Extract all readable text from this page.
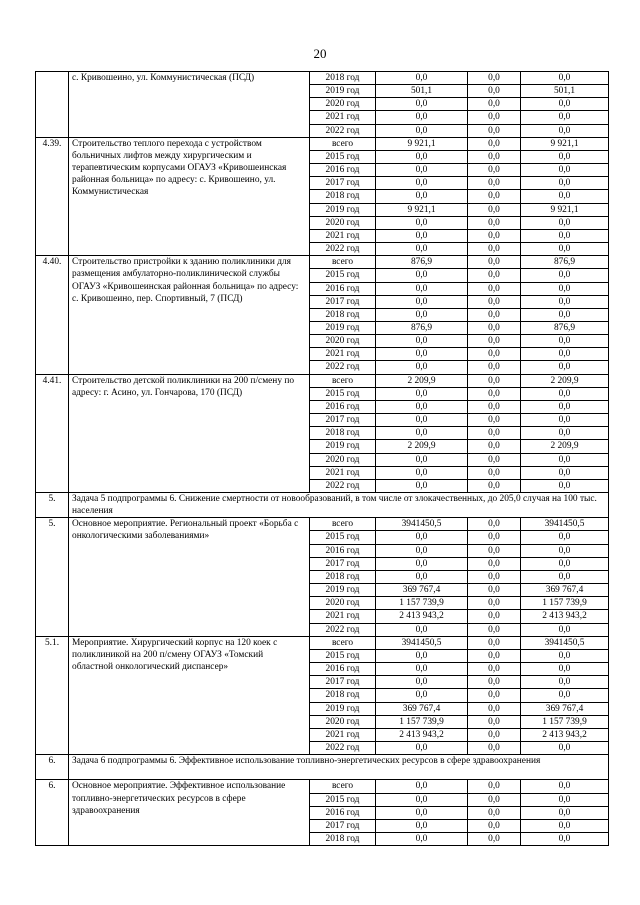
20
	с. Кривошеино, ул. Коммунистическая (ПСД)	2018 год	0,0	0,0	0,0
		2019 год	501,1	0,0	501,1
		2020 год	0,0	0,0	0,0
		2021 год	0,0	0,0	0,0
		2022 год	0,0	0,0	0,0
4.39.	Строительство теплого перехода с устройством больничных лифтов между хирургическим и терапевтическим корпусами ОГАУЗ «Кривошеинская районная больница» по адресу: с. Кривошеино, ул. Коммунистическая	всего	9 921,1	0,0	9 921,1
		2015 год	0,0	0,0	0,0
		2016 год	0,0	0,0	0,0
		2017 год	0,0	0,0	0,0
		2018 год	0,0	0,0	0,0
		2019 год	9 921,1	0,0	9 921,1
		2020 год	0,0	0,0	0,0
		2021 год	0,0	0,0	0,0
		2022 год	0,0	0,0	0,0
4.40.	Строительство пристройки к зданию поликлиники для размещения амбулаторно-поликлинической службы ОГАУЗ «Кривошеинская районная больница» по адресу: с. Кривошеино, пер. Спортивный, 7 (ПСД)	всего	876,9	0,0	876,9
		2015 год	0,0	0,0	0,0
		2016 год	0,0	0,0	0,0
		2017 год	0,0	0,0	0,0
		2018 год	0,0	0,0	0,0
		2019 год	876,9	0,0	876,9
		2020 год	0,0	0,0	0,0
		2021 год	0,0	0,0	0,0
		2022 год	0,0	0,0	0,0
4.41.	Строительство детской поликлиники на 200 п/смену по адресу: г. Асино, ул. Гончарова, 170 (ПСД)	всего	2 209,9	0,0	2 209,9
		2015 год	0,0	0,0	0,0
		2016 год	0,0	0,0	0,0
		2017 год	0,0	0,0	0,0
		2018 год	0,0	0,0	0,0
		2019 год	2 209,9	0,0	2 209,9
		2020 год	0,0	0,0	0,0
		2021 год	0,0	0,0	0,0
		2022 год	0,0	0,0	0,0
5.	Задача 5 подпрограммы 6. Снижение смертности от новообразований, в том числе от злокачественных, до 205,0 случая на 100 тыс. населения				
5.	Основное мероприятие. Региональный проект «Борьба с онкологическими заболеваниями»	всего	3941450,5	0,0	3941450,5
		2015 год	0,0	0,0	0,0
		2016 год	0,0	0,0	0,0
		2017 год	0,0	0,0	0,0
		2018 год	0,0	0,0	0,0
		2019 год	369 767,4	0,0	369 767,4
		2020 год	1 157 739,9	0,0	1 157 739,9
		2021 год	2 413 943,2	0,0	2 413 943,2
		2022 год	0,0	0,0	0,0
5.1.	Мероприятие. Хирургический корпус на 120 коек с поликлиникой на 200 п/смену ОГАУЗ «Томский областной онкологический диспансер»	всего	3941450,5	0,0	3941450,5
		2015 год	0,0	0,0	0,0
		2016 год	0,0	0,0	0,0
		2017 год	0,0	0,0	0,0
		2018 год	0,0	0,0	0,0
		2019 год	369 767,4	0,0	369 767,4
		2020 год	1 157 739,9	0,0	1 157 739,9
		2021 год	2 413 943,2	0,0	2 413 943,2
		2022 год	0,0	0,0	0,0
6.	Задача 6 подпрограммы 6. Эффективное использование топливно-энергетических ресурсов в сфере здравоохранения				
6.	Основное мероприятие. Эффективное использование топливно-энергетических ресурсов в сфере здравоохранения	всего	0,0	0,0	0,0
		2015 год	0,0	0,0	0,0
		2016 год	0,0	0,0	0,0
		2017 год	0,0	0,0	0,0
		2018 год	0,0	0,0	0,0
